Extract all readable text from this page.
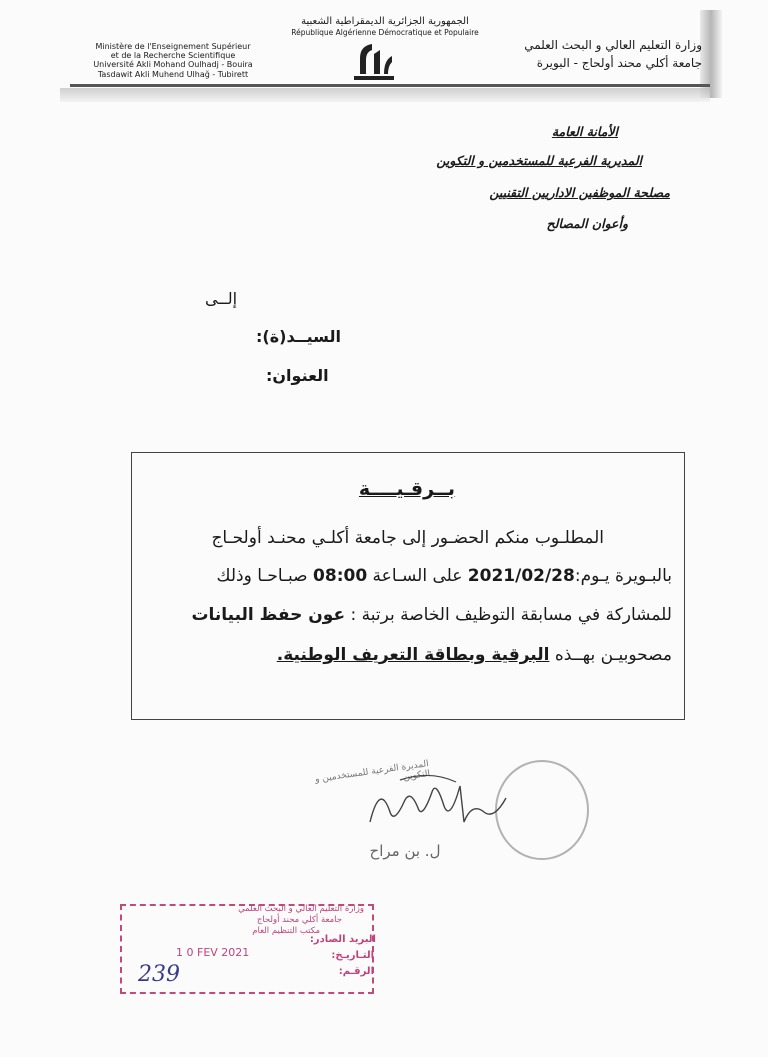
الجمهورية الجزائرية الديمقراطية الشعبية
République Algérienne Démocratique et Populaire
Ministère de l'Enseignement Supérieur
et de la Recherche Scientifique
Université Akli Mohand Oulhadj - Bouira
Tasdawit Akli Muhend Ulhağ - Tubirett
وزارة التعليم العالي و البحث العلمي
جامعة أكلي محند أولحاج - البويرة
الأمانة العامة
المديرية الفرعية للمستخدمين و التكوين
مصلحة الموظفين الاداريين التقنيين
وأعوان المصالح
إلــى
السيــد(ة):
العنوان:
بــرقـيــــة
المطلـوب منكم الحضـور إلى جامعة أكلـي محنـد أولحـاج
بالبـويرة يـوم:2021/02/28 على السـاعة 08:00 صبـاحـا وذلك
للمشاركة في مسابقة التوظيف الخاصة برتبة : عون حفظ البيانات
مصحوبيـن بهــذه البرقية وبطاقة التعريف الوطنية.
المديرة الفرعية للمستخدمين و التكوين
ل. بن مراح
وزارة التعليم العالي و البحث العلمي
جامعة أكلي محند أولحاج
مكتب التنظيم العام
1 0 FEV 2021
البريد الصادر:
التـاريـخ:
الرقـم:
239
